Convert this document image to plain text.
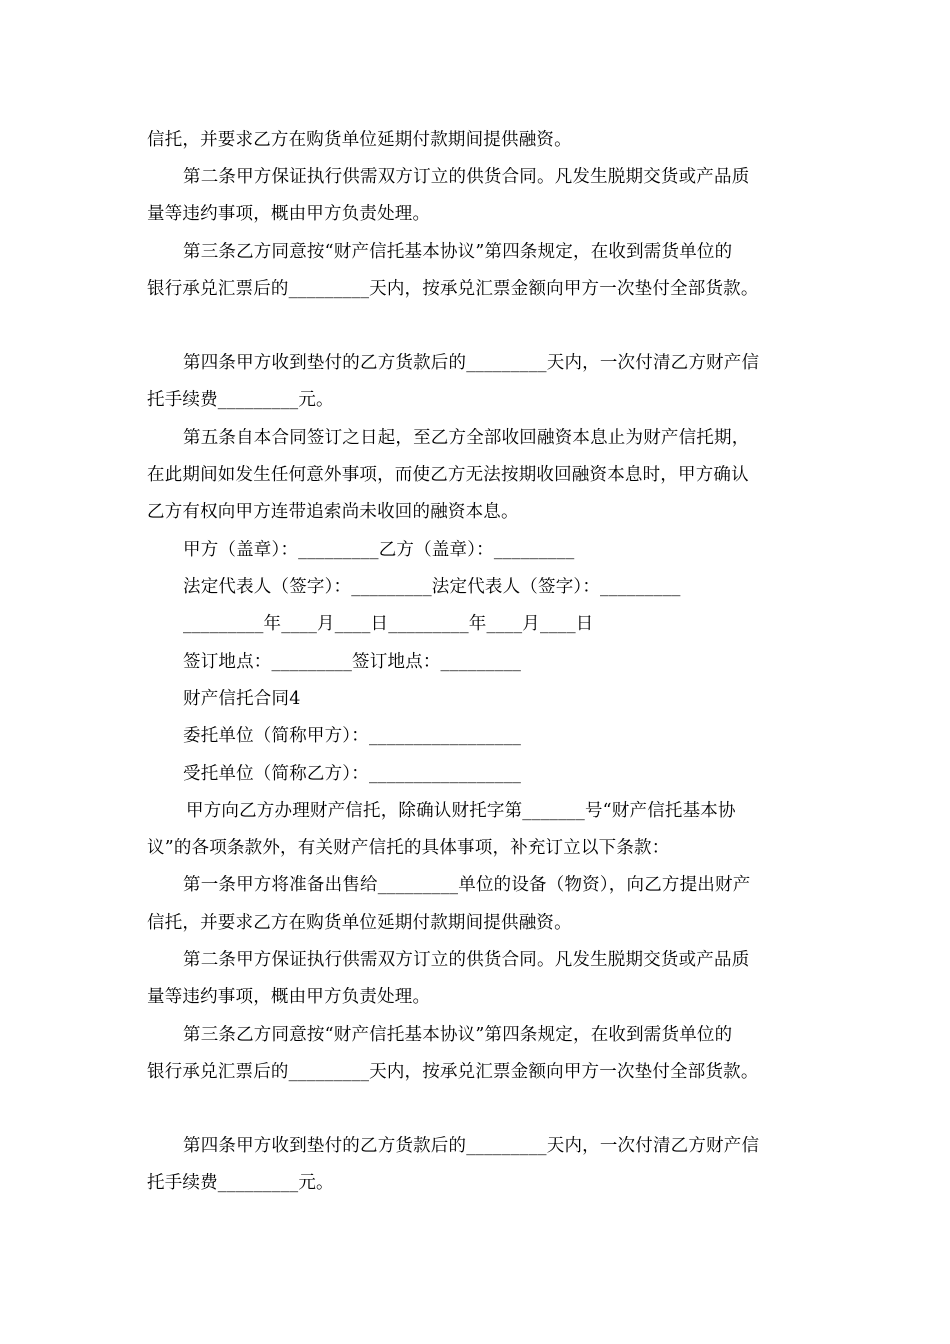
信托，并要求乙方在购货单位延期付款期间提供融资。
第二条甲方保证执行供需双方订立的供货合同。凡发生脱期交货或产品质
量等违约事项，概由甲方负责处理。
第三条乙方同意按“财产信托基本协议”第四条规定，在收到需货单位的
银行承兑汇票后的_________天内，按承兑汇票金额向甲方一次垫付全部货款。
第四条甲方收到垫付的乙方货款后的_________天内，一次付清乙方财产信
托手续费_________元。
第五条自本合同签订之日起，至乙方全部收回融资本息止为财产信托期，
在此期间如发生任何意外事项，而使乙方无法按期收回融资本息时，甲方确认
乙方有权向甲方连带追索尚未收回的融资本息。
甲方（盖章）：_________乙方（盖章）：_________
法定代表人（签字）：_________法定代表人（签字）：_________
_________年____月____日_________年____月____日
签订地点：_________签订地点：_________
财产信托合同4
委托单位（简称甲方）：_________________
受托单位（简称乙方）：_________________
甲方向乙方办理财产信托，除确认财托字第_______号“财产信托基本协
议”的各项条款外，有关财产信托的具体事项，补充订立以下条款：
第一条甲方将准备出售给_________单位的设备（物资），向乙方提出财产
信托，并要求乙方在购货单位延期付款期间提供融资。
第二条甲方保证执行供需双方订立的供货合同。凡发生脱期交货或产品质
量等违约事项，概由甲方负责处理。
第三条乙方同意按“财产信托基本协议”第四条规定，在收到需货单位的
银行承兑汇票后的_________天内，按承兑汇票金额向甲方一次垫付全部货款。
第四条甲方收到垫付的乙方货款后的_________天内，一次付清乙方财产信
托手续费_________元。
